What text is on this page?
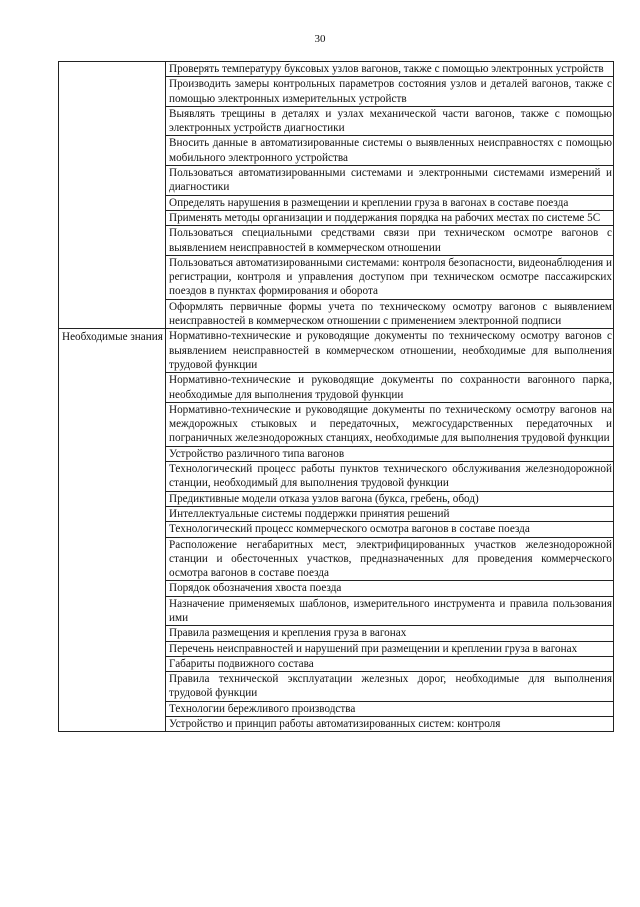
30
	Проверять температуру буксовых узлов вагонов, также с помощью электронных устройств
	Производить замеры контрольных параметров состояния узлов и деталей вагонов, также с помощью электронных измерительных устройств
	Выявлять трещины в деталях и узлах механической части вагонов, также с помощью электронных устройств диагностики
	Вносить данные в автоматизированные системы о выявленных неисправностях с помощью мобильного электронного устройства
	Пользоваться автоматизированными системами и электронными системами измерений и диагностики
	Определять нарушения в размещении и креплении груза в вагонах в составе поезда
	Применять методы организации и поддержания порядка на рабочих местах по системе 5С
	Пользоваться специальными средствами связи при техническом осмотре вагонов с выявлением неисправностей в коммерческом отношении
	Пользоваться автоматизированными системами: контроля безопасности, видеонаблюдения и регистрации, контроля и управления доступом при техническом осмотре пассажирских поездов в пунктах формирования и оборота
	Оформлять первичные формы учета по техническому осмотру вагонов с выявлением неисправностей в коммерческом отношении с применением электронной подписи

Необходимые знания	Нормативно-технические и руководящие документы по техническому осмотру вагонов с выявлением неисправностей в коммерческом отношении, необходимые для выполнения трудовой функции
	Нормативно-технические и руководящие документы по сохранности вагонного парка, необходимые для выполнения трудовой функции
	Нормативно-технические и руководящие документы по техническому осмотру вагонов на междорожных стыковых и передаточных, межгосударственных передаточных и пограничных железнодорожных станциях, необходимые для выполнения трудовой функции
	Устройство различного типа вагонов
	Технологический процесс работы пунктов технического обслуживания железнодорожной станции, необходимый для выполнения трудовой функции
	Предиктивные модели отказа узлов вагона (букса, гребень, обод)
	Интеллектуальные системы поддержки принятия решений
	Технологический процесс коммерческого осмотра вагонов в составе поезда
	Расположение негабаритных мест, электрифицированных участков железнодорожной станции и обесточенных участков, предназначенных для проведения коммерческого осмотра вагонов в составе поезда
	Порядок обозначения хвоста поезда
	Назначение применяемых шаблонов, измерительного инструмента и правила пользования ими
	Правила размещения и крепления груза в вагонах
	Перечень неисправностей и нарушений при размещении и креплении груза в вагонах
	Габариты подвижного состава
	Правила технической эксплуатации железных дорог, необходимые для выполнения трудовой функции
	Технологии бережливого производства
	Устройство и принцип работы автоматизированных систем: контроля
